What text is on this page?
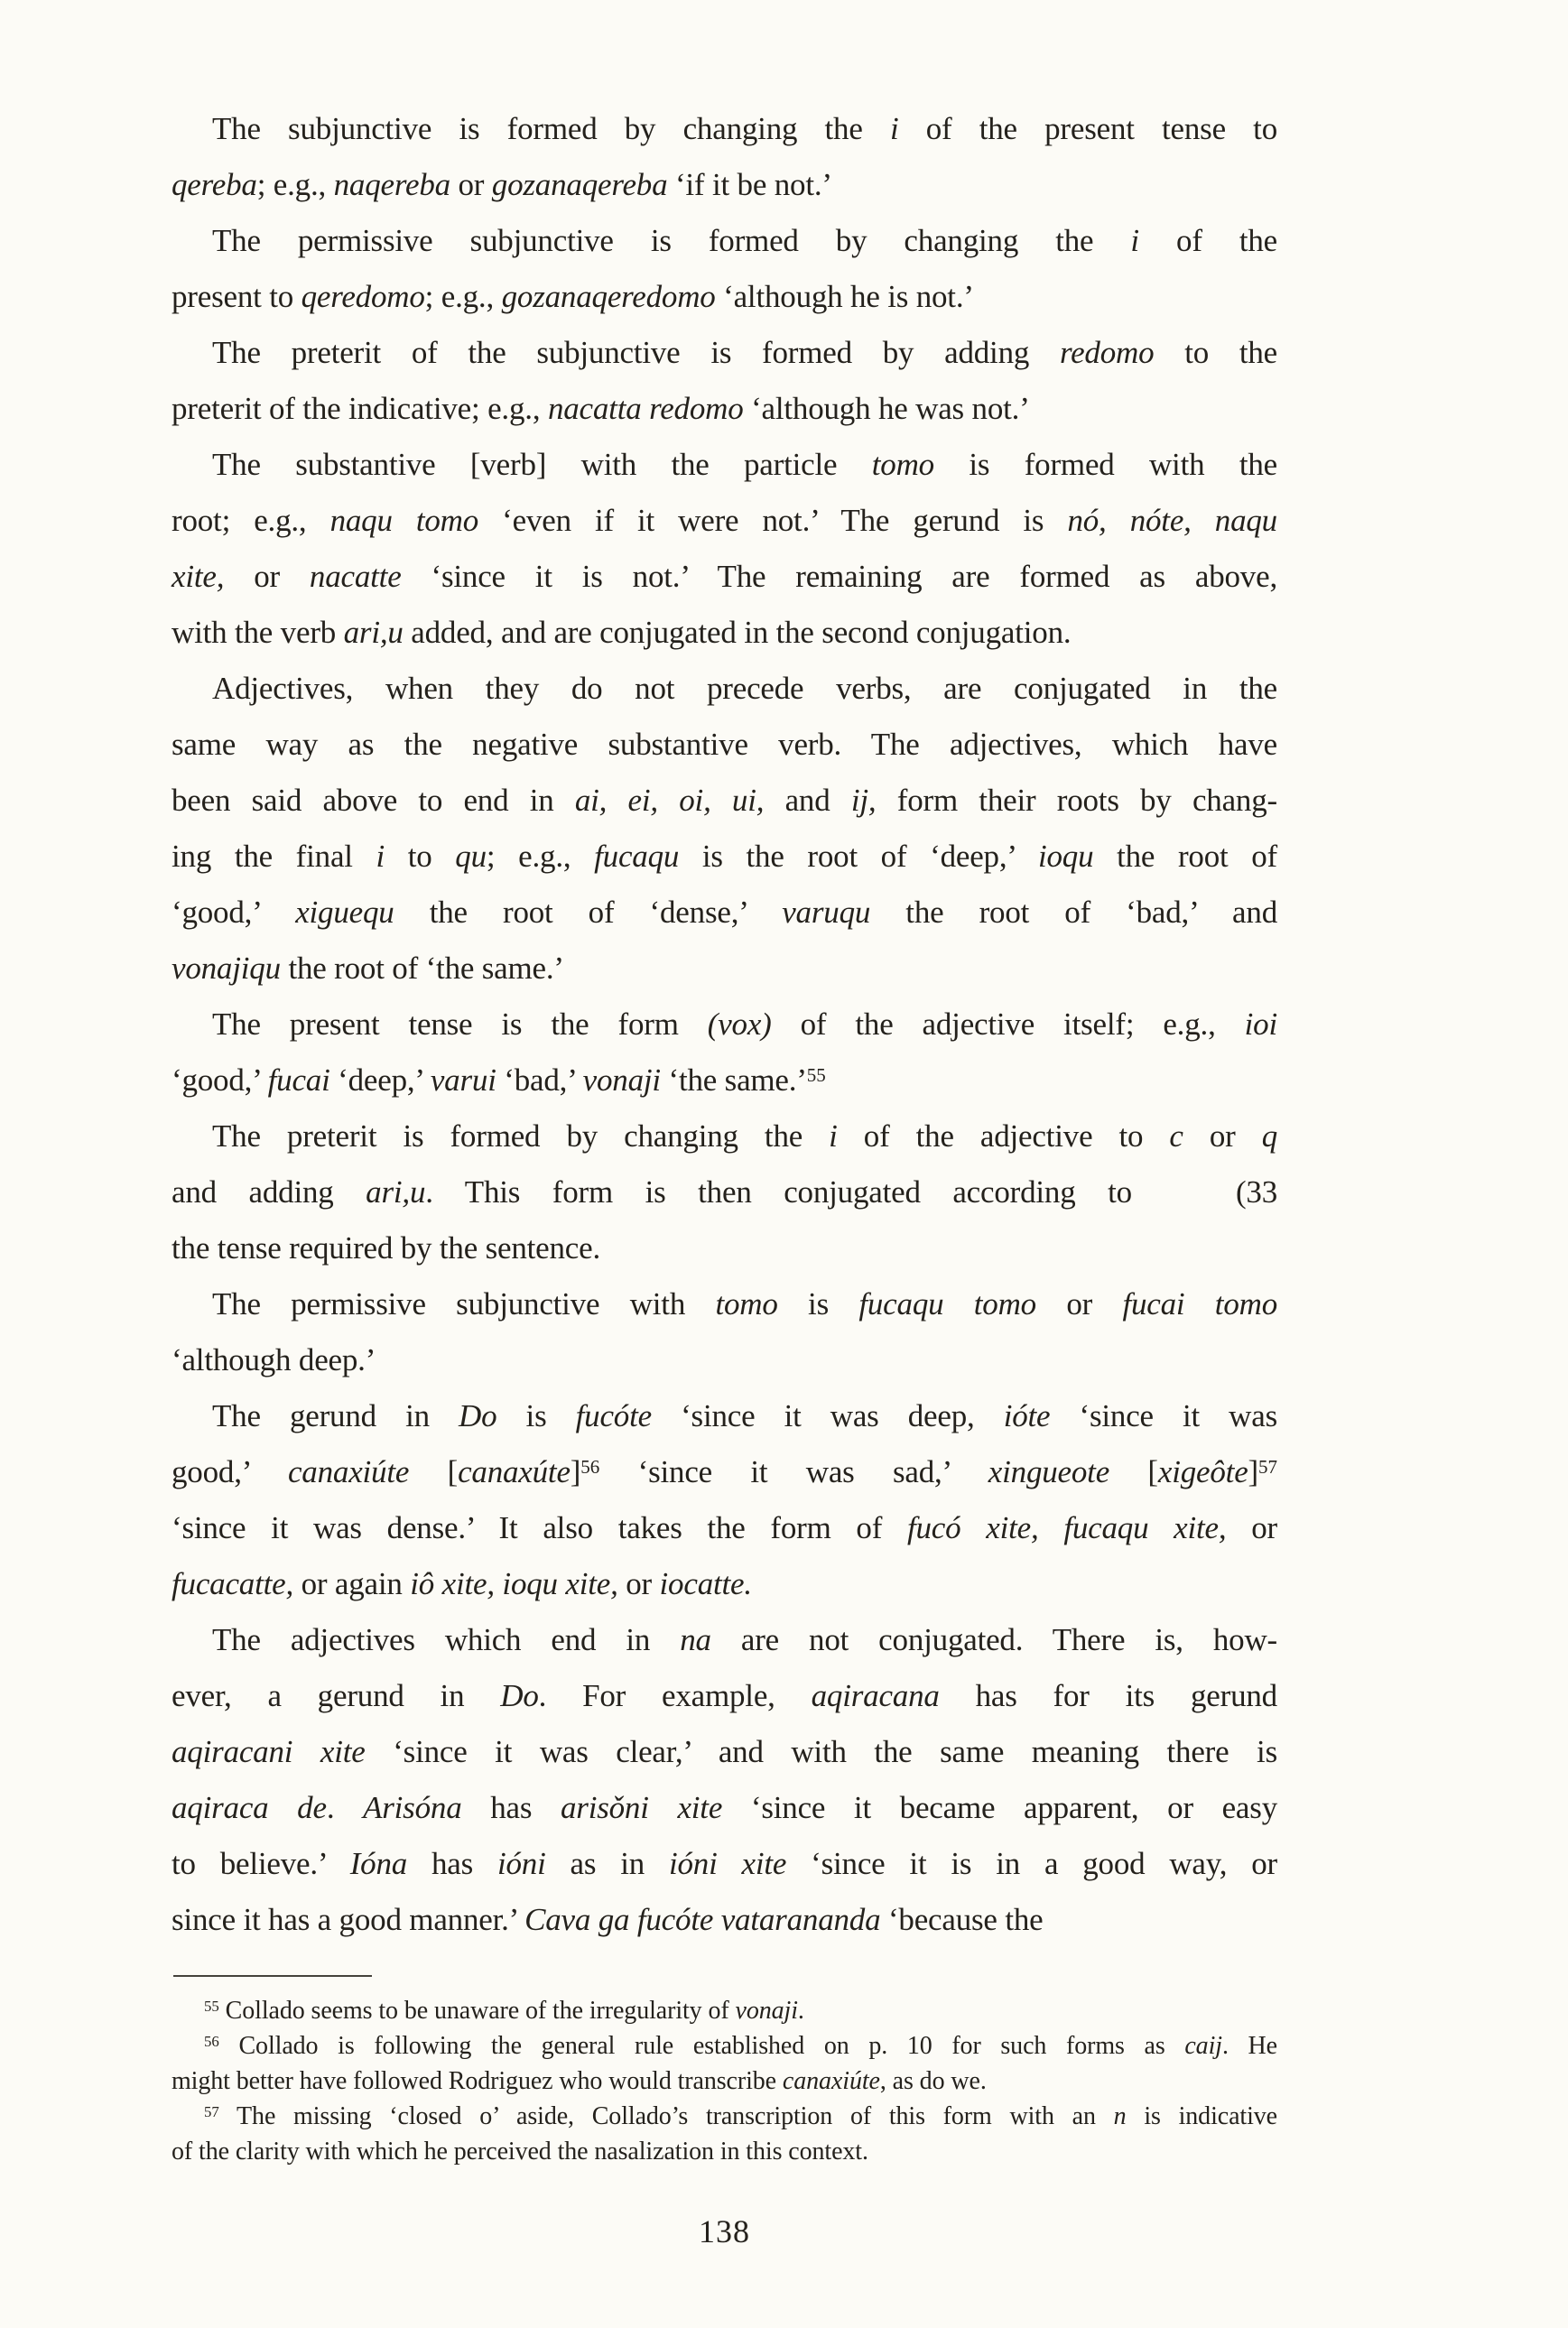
The subjunctive is formed by changing the i of the present tense to
qereba; e.g., naqereba or gozanaqereba ‘if it be not.’
The permissive subjunctive is formed by changing the i of the
present to qeredomo; e.g., gozanaqeredomo ‘although he is not.’
The preterit of the subjunctive is formed by adding redomo to the
preterit of the indicative; e.g., nacatta redomo ‘although he was not.’
The substantive [verb] with the particle tomo is formed with the
root; e.g., naqu tomo ‘even if it were not.’ The gerund is nó, nóte, naqu
xite, or nacatte ‘since it is not.’ The remaining are formed as above,
with the verb ari,u added, and are conjugated in the second conjugation.
Adjectives, when they do not precede verbs, are conjugated in the
same way as the negative substantive verb. The adjectives, which have
been said above to end in ai, ei, oi, ui, and ij, form their roots by chang-
ing the final i to qu; e.g., fucaqu is the root of ‘deep,’ ioqu the root of
‘good,’ xiguequ the root of ‘dense,’ varuqu the root of ‘bad,’ and
vonajiqu the root of ‘the same.’
The present tense is the form (vox) of the adjective itself; e.g., ioi
‘good,’ fucai ‘deep,’ varui ‘bad,’ vonaji ‘the same.’$^{55}$
The preterit is formed by changing the i of the adjective to c or q
and adding ari,u. This form is then conjugated according to	(33
the tense required by the sentence.
The permissive subjunctive with tomo is fucaqu tomo or fucai tomo
‘although deep.’
The gerund in Do is fucóte ‘since it was deep, ióte ‘since it was
good,’ canaxiúte [canaxúte]$^{56}$ ‘since it was sad,’ xingueote [xigeôte]$^{57}$
‘since it was dense.’ It also takes the form of fucó xite, fucaqu xite, or
fucacatte, or again iô xite, ioqu xite, or iocatte.
The adjectives which end in na are not conjugated. There is, how-
ever, a gerund in Do. For example, aqiracana has for its gerund
aqiracani xite ‘since it was clear,’ and with the same meaning there is
aqiraca de. Arisóna has arisǒni xite ‘since it became apparent, or easy
to believe.’ Ióna has ióni as in ióni xite ‘since it is in a good way, or
since it has a good manner.’ Cava ga fucóte vatarananda ‘because the
$^{55}$ Collado seems to be unaware of the irregularity of vonaji.
$^{56}$ Collado is following the general rule established on p. 10 for such forms as caij. He
might better have followed Rodriguez who would transcribe canaxiúte, as do we.
$^{57}$ The missing ‘closed o’ aside, Collado’s transcription of this form with an n is indicative
of the clarity with which he perceived the nasalization in this context.
138
